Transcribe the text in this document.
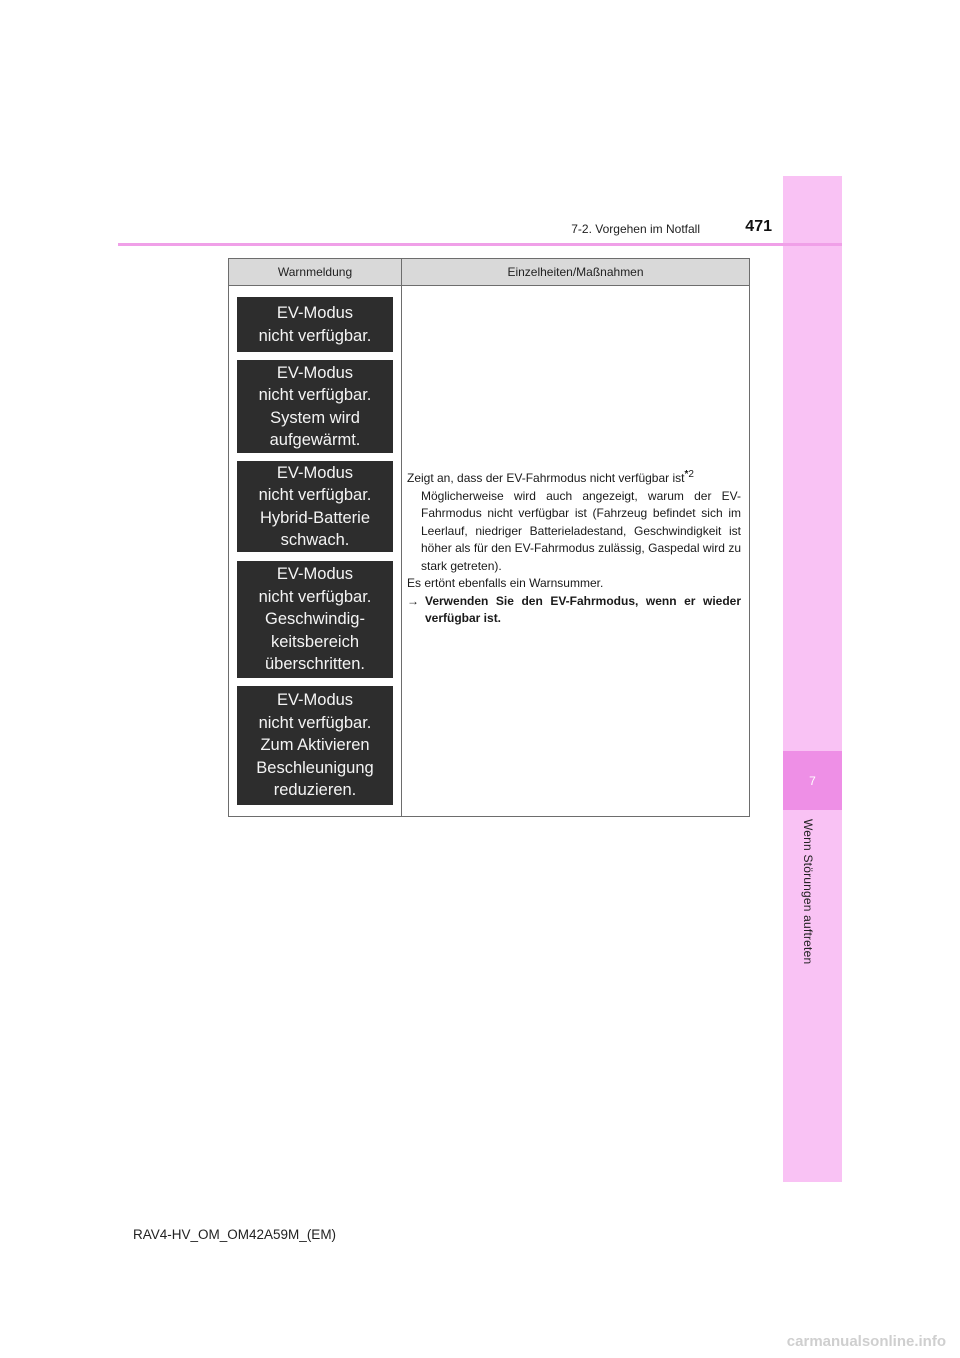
7
Wenn Störungen auftreten
7-2. Vorgehen im Notfall	471
Warnmeldung	Einzelheiten/Maßnahmen
EV-Modus
nicht verfügbar.
EV-Modus
nicht verfügbar.
System wird
aufgewärmt.
EV-Modus
nicht verfügbar.
Hybrid-Batterie
schwach.
EV-Modus
nicht verfügbar.
Geschwindig-
keitsbereich
überschritten.
EV-Modus
nicht verfügbar.
Zum Aktivieren
Beschleunigung
reduzieren.
Zeigt an, dass der EV-Fahrmodus nicht verfügbar ist$^{*2}$
Möglicherweise wird auch angezeigt, warum der EV-Fahrmodus nicht verfügbar ist (Fahrzeug befindet sich im Leerlauf, niedriger Batterieladestand, Geschwindigkeit ist höher als für den EV-Fahrmodus zulässig, Gaspedal wird zu stark getreten).
Es ertönt ebenfalls ein Warnsummer.
→ Verwenden Sie den EV-Fahrmodus, wenn er wieder verfügbar ist.
RAV4-HV_OM_OM42A59M_(EM)
carmanualsonline.info
